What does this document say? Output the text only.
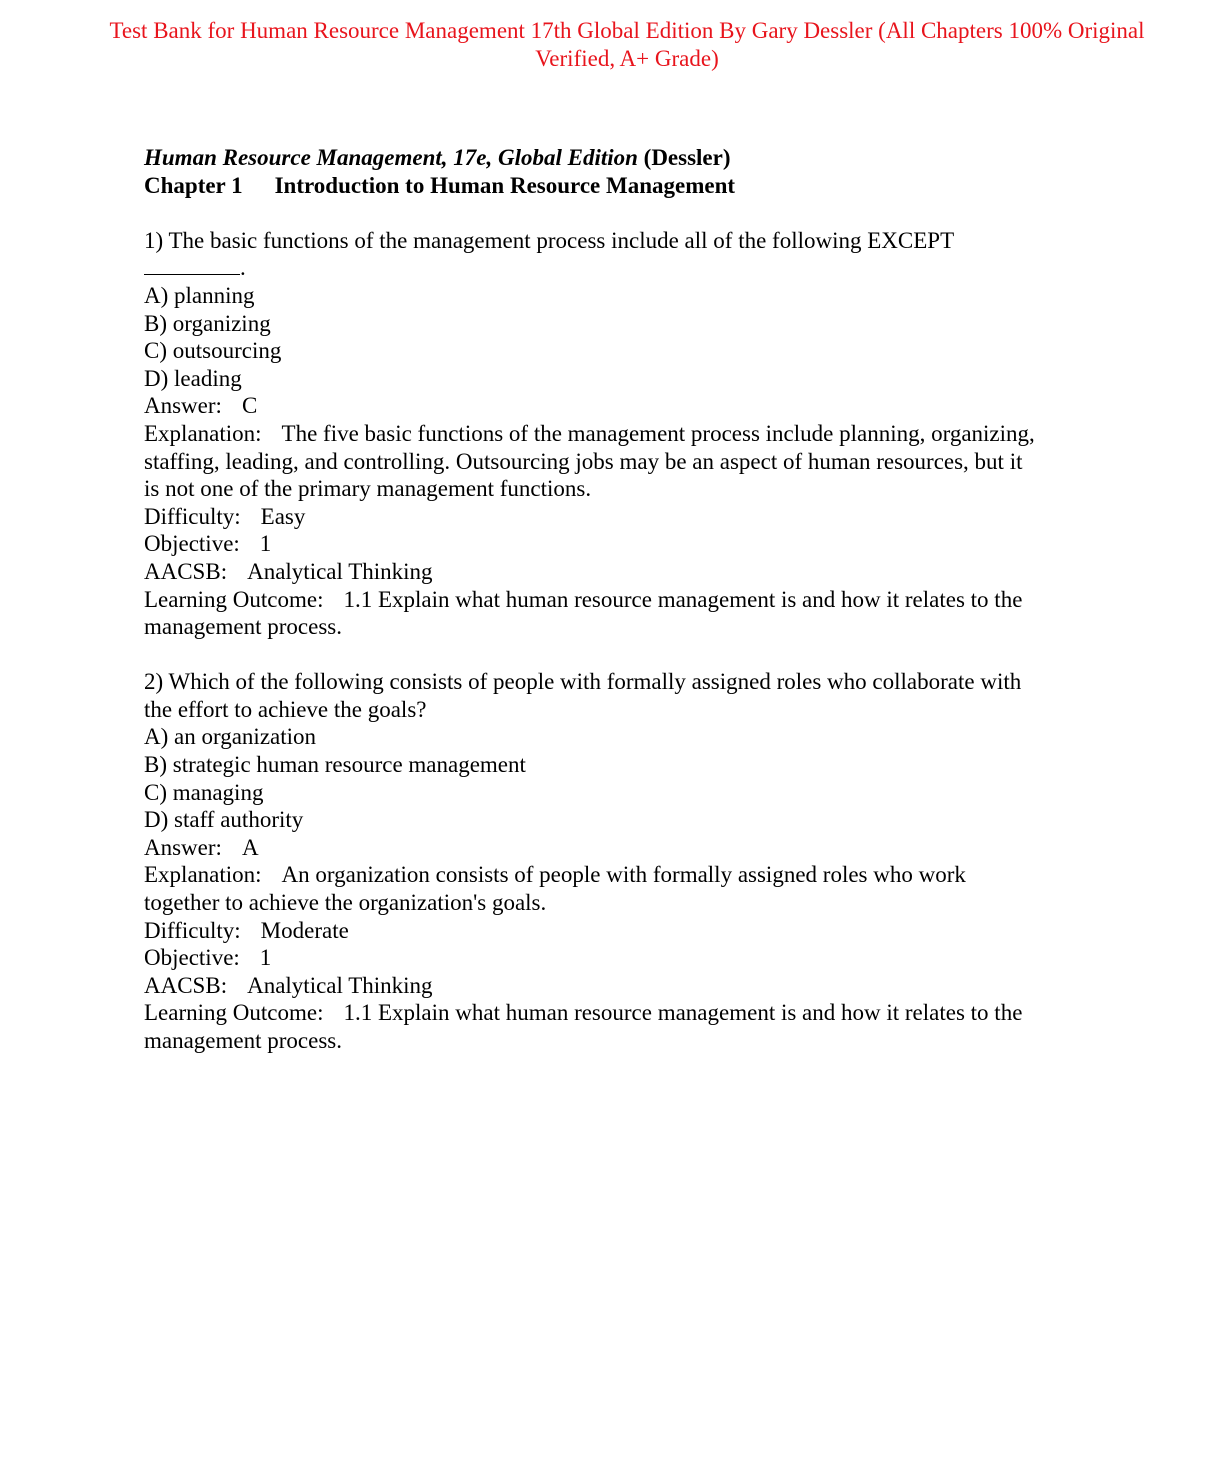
Test Bank for Human Resource Management 17th Global Edition By Gary Dessler (All Chapters 100% Original
Verified, A+ Grade)
Human Resource Management, 17e, Global Edition (Dessler)
Chapter 1 Introduction to Human Resource Management
1) The basic functions of the management process include all of the following EXCEPT
.
A) planning
B) organizing
C) outsourcing
D) leading
Answer: C
Explanation: The five basic functions of the management process include planning, organizing,
staffing, leading, and controlling. Outsourcing jobs may be an aspect of human resources, but it
is not one of the primary management functions.
Difficulty: Easy
Objective: 1
AACSB: Analytical Thinking
Learning Outcome: 1.1 Explain what human resource management is and how it relates to the
management process.
2) Which of the following consists of people with formally assigned roles who collaborate with
the effort to achieve the goals?
A) an organization
B) strategic human resource management
C) managing
D) staff authority
Answer: A
Explanation: An organization consists of people with formally assigned roles who work
together to achieve the organization's goals.
Difficulty: Moderate
Objective: 1
AACSB: Analytical Thinking
Learning Outcome: 1.1 Explain what human resource management is and how it relates to the
management process.
